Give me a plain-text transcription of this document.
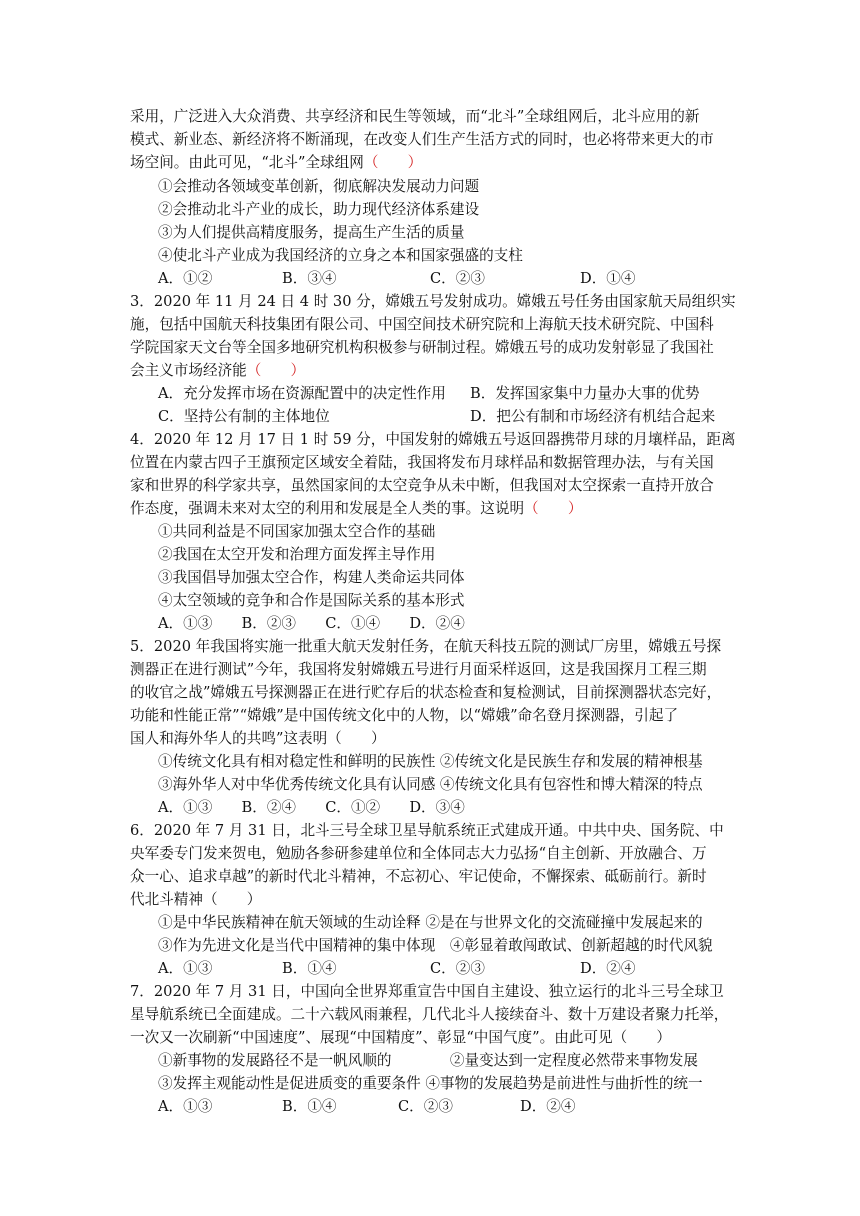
采用，广泛进入大众消费、共享经济和民生等领域，而“北斗”全球组网后，北斗应用的新
模式、新业态、新经济将不断涌现，在改变人们生产生活方式的同时，也必将带来更大的市
场空间。由此可见，“北斗”全球组网（　　）
①会推动各领域变革创新，彻底解决发展动力问题
②会推动北斗产业的成长，助力现代经济体系建设
③为人们提供高精度服务，提高生产生活的质量
④使北斗产业成为我国经济的立身之本和国家强盛的支柱
3．2020 年 11 月 24 日 4 时 30 分，嫦娥五号发射成功。嫦娥五号任务由国家航天局组织实
施，包括中国航天科技集团有限公司、中国空间技术研究院和上海航天技术研究院、中国科
学院国家天文台等全国多地研究机构积极参与研制过程。嫦娥五号的成功发射彰显了我国社
会主义市场经济能（　　）
4．2020 年 12 月 17 日 1 时 59 分，中国发射的嫦娥五号返回器携带月球的月壤样品，距离
位置在内蒙古四子王旗预定区域安全着陆，我国将发布月球样品和数据管理办法，与有关国
家和世界的科学家共享，虽然国家间的太空竞争从未中断，但我国对太空探索一直持开放合
作态度，强调未来对太空的利用和发展是全人类的事。这说明（　　）
①共同利益是不同国家加强太空合作的基础
②我国在太空开发和治理方面发挥主导作用
③我国倡导加强太空合作，构建人类命运共同体
④太空领域的竞争和合作是国际关系的基本形式
A．①③　　B．②③　　C．①④　　D．②④
5．2020 年我国将实施一批重大航天发射任务，在航天科技五院的测试厂房里，嫦娥五号探
测器正在进行测试”今年，我国将发射嫦娥五号进行月面采样返回，这是我国探月工程三期
的收官之战”嫦娥五号探测器正在进行贮存后的状态检查和复检测试，目前探测器状态完好，
功能和性能正常”“嫦娥”是中国传统文化中的人物，以“嫦娥”命名登月探测器，引起了
国人和海外华人的共鸣”这表明（　　）
①传统文化具有相对稳定性和鲜明的民族性 ②传统文化是民族生存和发展的精神根基
③海外华人对中华优秀传统文化具有认同感 ④传统文化具有包容性和博大精深的特点
A．①③　　B．②④　　C．①②　　D．③④
6．2020 年 7 月 31 日，北斗三号全球卫星导航系统正式建成开通。中共中央、国务院、中
央军委专门发来贺电，勉励各参研参建单位和全体同志大力弘扬“自主创新、开放融合、万
众一心、追求卓越”的新时代北斗精神，不忘初心、牢记使命，不懈探索、砥砺前行。新时
代北斗精神（　　）
①是中华民族精神在航天领域的生动诠释 ②是在与世界文化的交流碰撞中发展起来的
③作为先进文化是当代中国精神的集中体现　④彰显着敢闯敢试、创新超越的时代风貌
7．2020 年 7 月 31 日，中国向全世界郑重宣告中国自主建设、独立运行的北斗三号全球卫
星导航系统已全面建成。二十六载风雨兼程，几代北斗人接续奋斗、数十万建设者聚力托举，
一次又一次刷新“中国速度”、展现“中国精度”、彰显“中国气度”。由此可见（　　）
①新事物的发展路径不是一帆风顺的　　　　②量变达到一定程度必然带来事物发展
③发挥主观能动性是促进质变的重要条件 ④事物的发展趋势是前进性与曲折性的统一
A．①②	B．③④	C．②③	D．①④
A．充分发挥市场在资源配置中的决定性作用 B．发挥国家集中力量办大事的优势
C．坚持公有制的主体地位	D．把公有制和市场经济有机结合起来
A．①③	B．①④	C．②③	D．②④
A．①③	B．①④	C．②③	D．②④
